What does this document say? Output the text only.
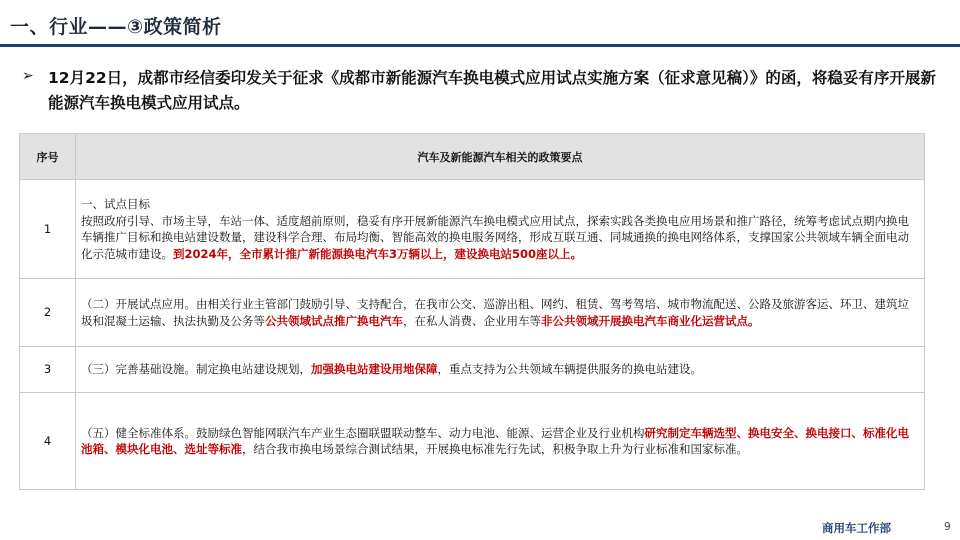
一、行业——③政策简析
➢ 12月22日，成都市经信委印发关于征求《成都市新能源汽车换电模式应用试点实施方案（征求意见稿）》的函，将稳妥有序开展新能源汽车换电模式应用试点。
序号	汽车及新能源汽车相关的政策要点
1	一、试点目标
按照政府引导、市场主导，车站一体、适度超前原则，稳妥有序开展新能源汽车换电模式应用试点，探索实践各类换电应用场景和推广路径，统筹考虑试点期内换电车辆推广目标和换电站建设数量，建设科学合理、布局均衡、智能高效的换电服务网络，形成互联互通、同城通换的换电网络体系，支撑国家公共领域车辆全面电动化示范城市建设。到2024年，全市累计推广新能源换电汽车3万辆以上，建设换电站500座以上。
2	（二）开展试点应用。由相关行业主管部门鼓励引导、支持配合，在我市公交、巡游出租、网约、租赁、驾考驾培、城市物流配送、公路及旅游客运、环卫、建筑垃圾和混凝土运输、执法执勤及公务等公共领域试点推广换电汽车，在私人消费、企业用车等非公共领域开展换电汽车商业化运营试点。
3	（三）完善基础设施。制定换电站建设规划，加强换电站建设用地保障，重点支持为公共领域车辆提供服务的换电站建设。
4	（五）健全标准体系。鼓励绿色智能网联汽车产业生态圈联盟联动整车、动力电池、能源、运营企业及行业机构研究制定车辆选型、换电安全、换电接口、标准化电池箱、模块化电池、选址等标准，结合我市换电场景综合测试结果，开展换电标准先行先试，积极争取上升为行业标准和国家标准。
商用车工作部	9
